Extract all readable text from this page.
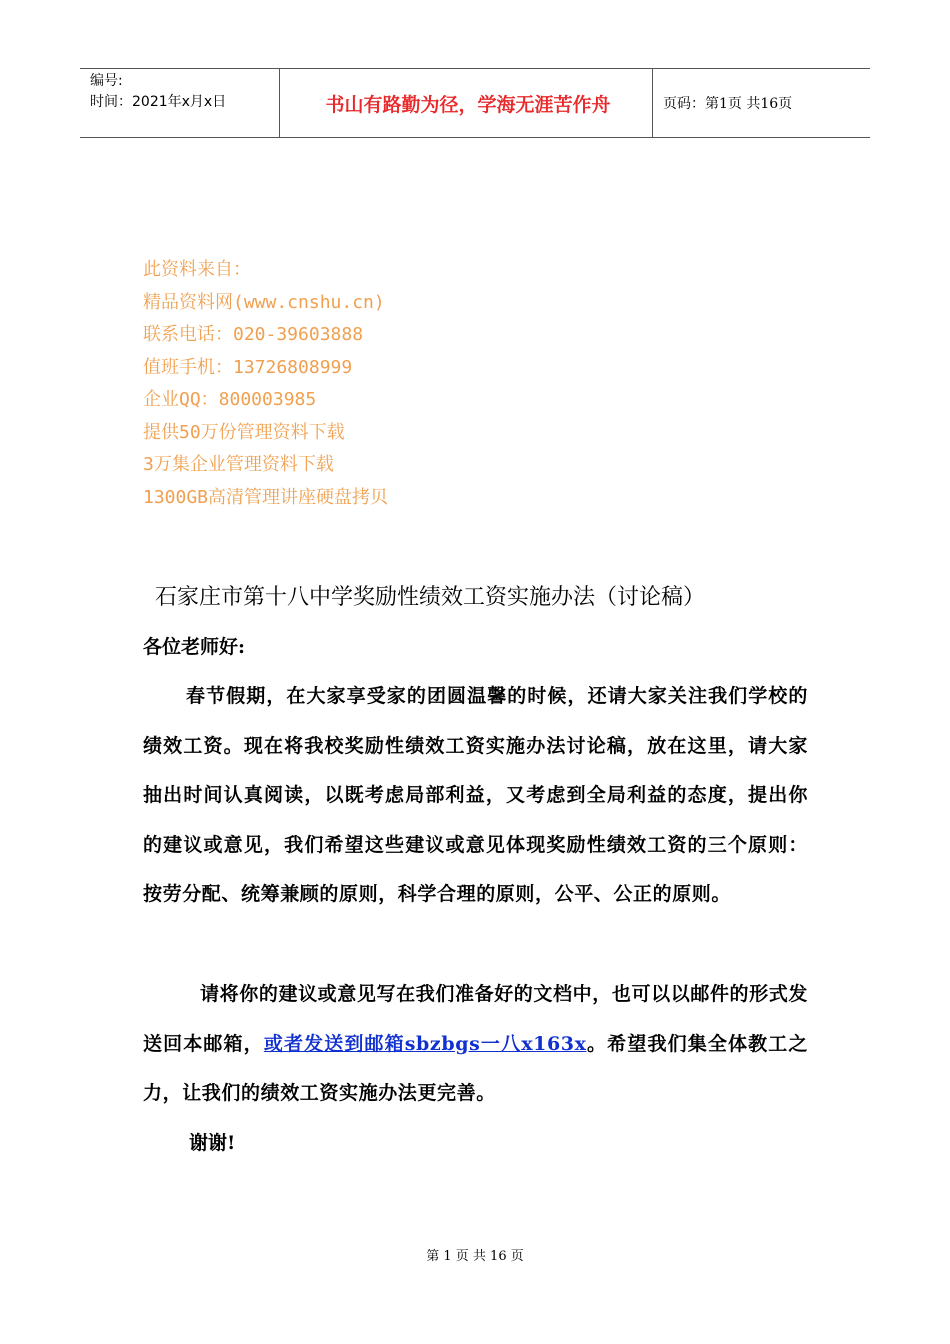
编号:
时间：2021年x月x日	书山有路勤为径，学海无涯苦作舟	页码：第1页 共16页
此资料来自：
精品资料网(www.cnshu.cn)
联系电话：020-39603888
值班手机：13726808999
企业QQ：800003985
提供50万份管理资料下载
3万集企业管理资料下载
1300GB高清管理讲座硬盘拷贝
石家庄市第十八中学奖励性绩效工资实施办法（讨论稿）
各位老师好:
春节假期，在大家享受家的团圆温馨的时候，还请大家关注我们学校的绩效工资。现在将我校奖励性绩效工资实施办法讨论稿，放在这里，请大家抽出时间认真阅读，以既考虑局部利益，又考虑到全局利益的态度，提出你的建议或意见，我们希望这些建议或意见体现奖励性绩效工资的三个原则：按劳分配、统筹兼顾的原则，科学合理的原则，公平、公正的原则。
请将你的建议或意见写在我们准备好的文档中，也可以以邮件的形式发送回本邮箱，或者发送到邮箱sbzbgs一八x163x。希望我们集全体教工之力，让我们的绩效工资实施办法更完善。
谢谢!
第 1 页 共 16 页
